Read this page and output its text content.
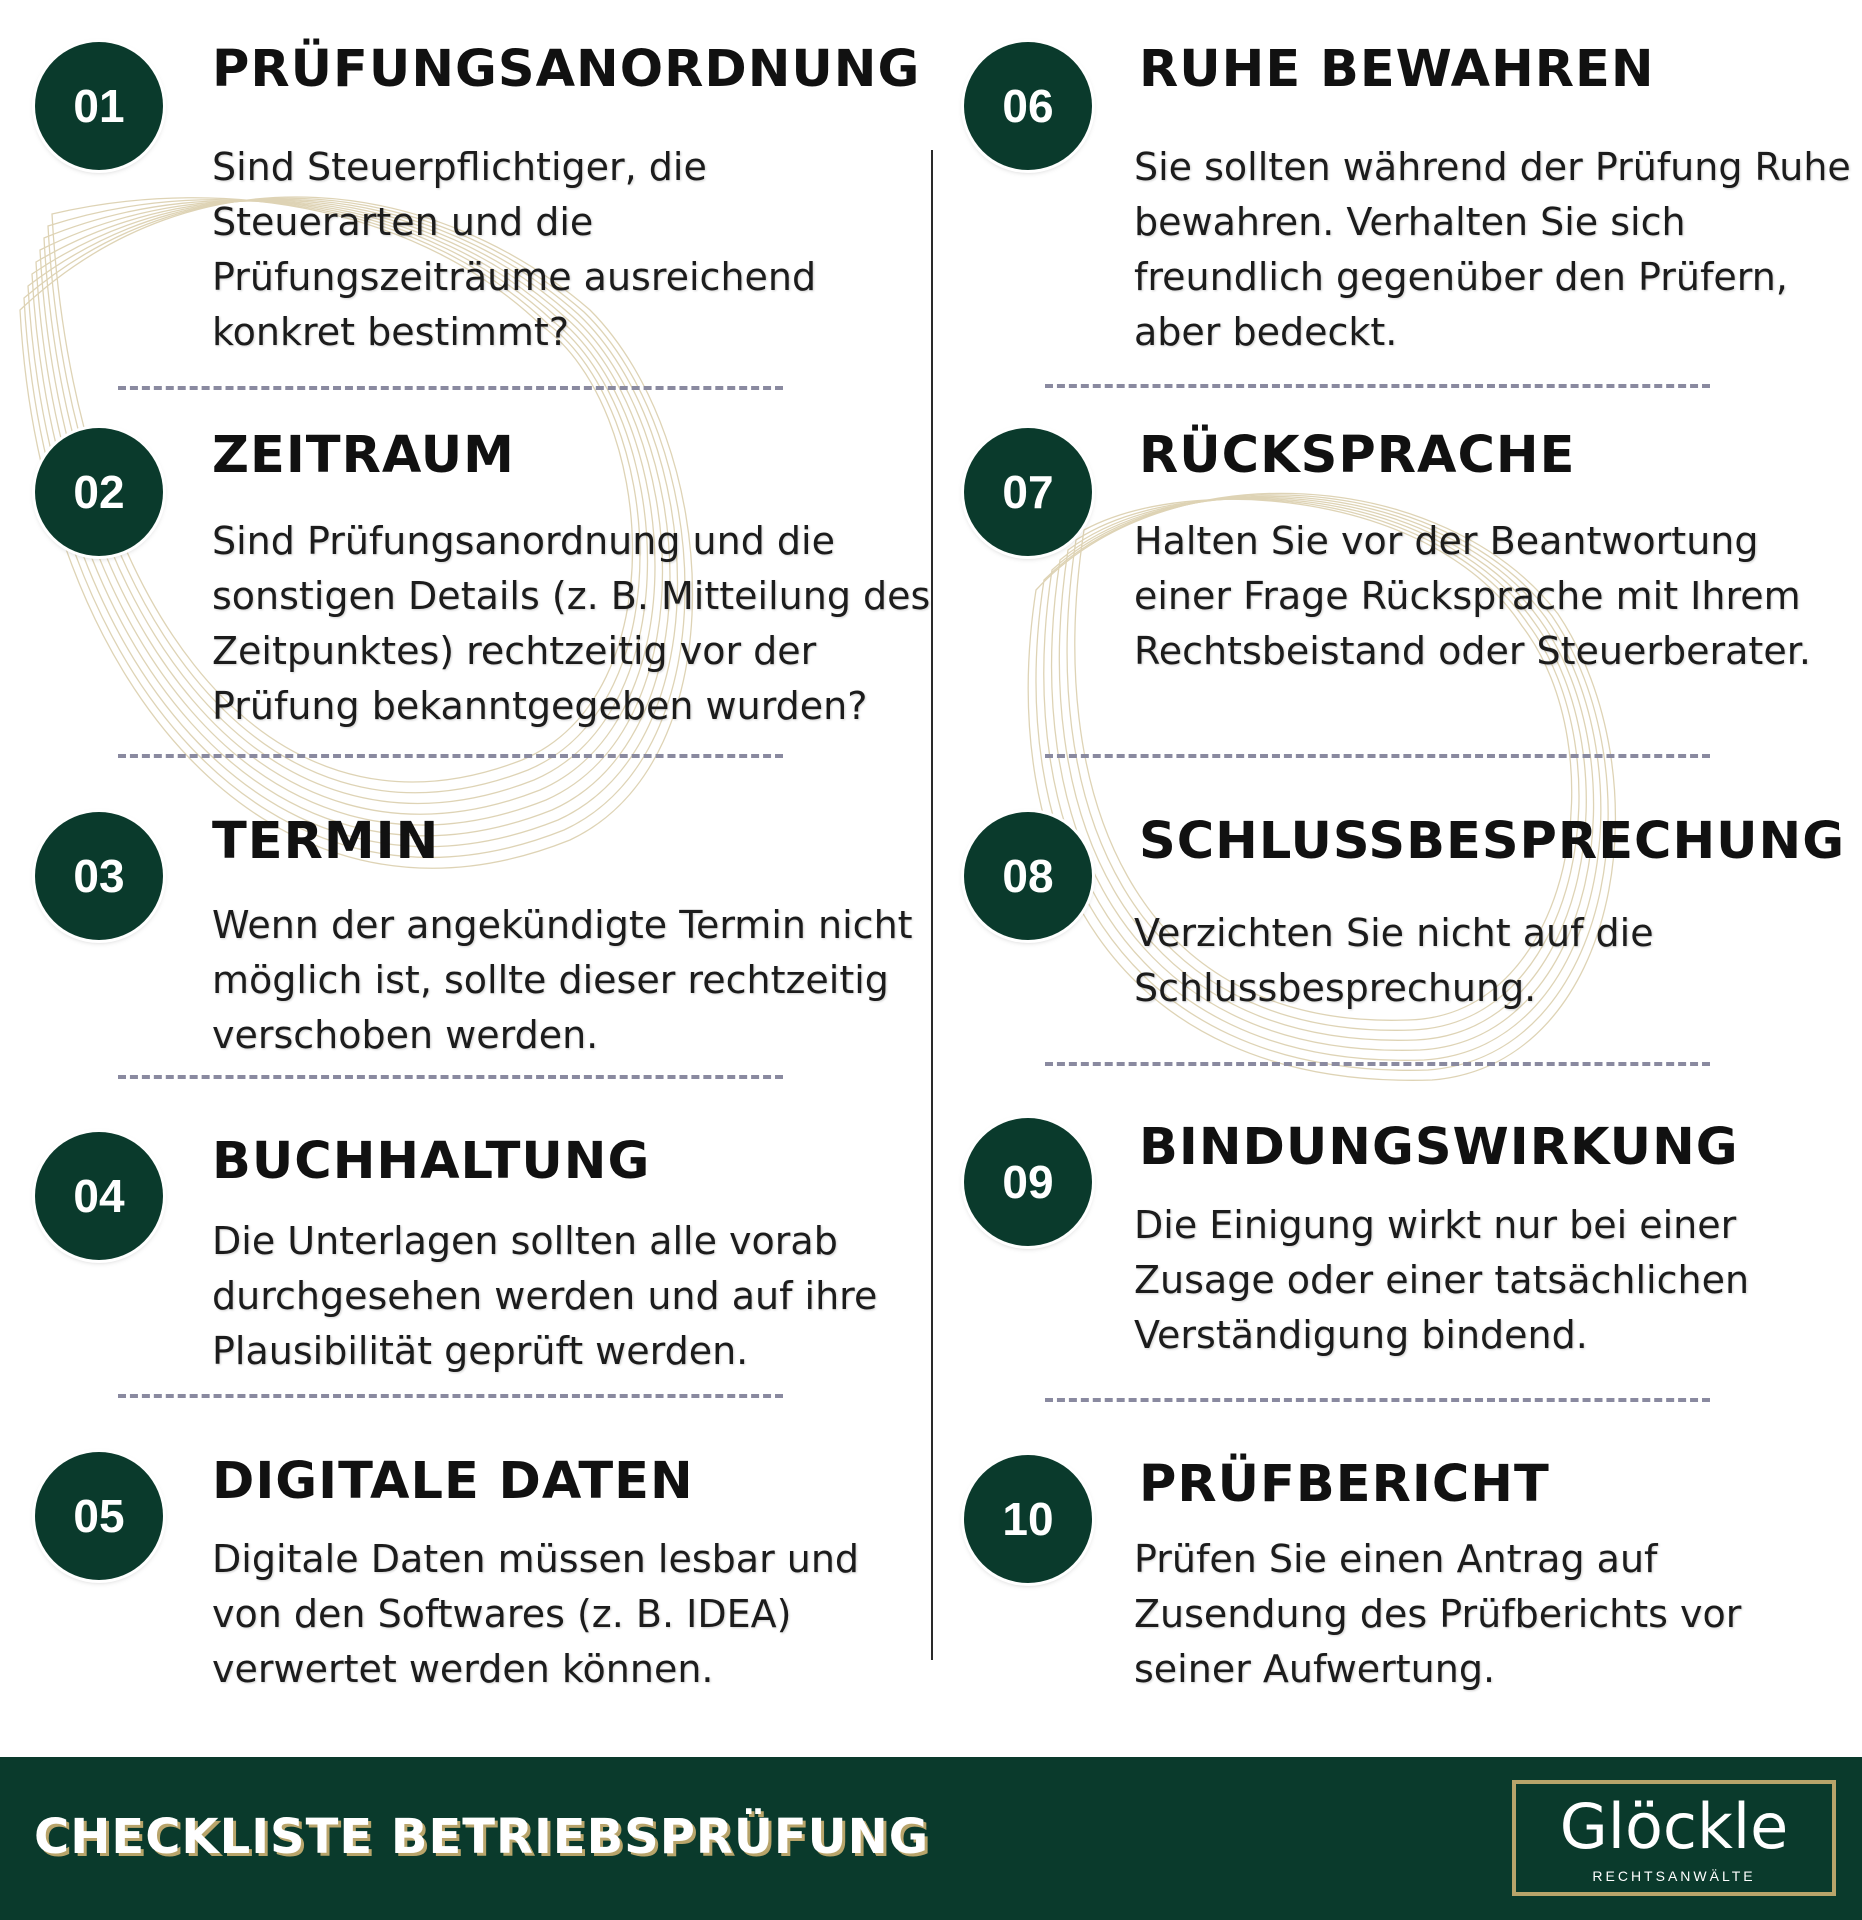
01
PRÜFUNGSANORDNUNG

Sind Steuerpflichtiger, die Steuerarten und die Prüfungszeiträume ausreichend konkret bestimmt?

02
ZEITRAUM

Sind Prüfungsanordnung und die sonstigen Details (z. B. Mitteilung des Zeitpunktes) rechtzeitig vor der Prüfung bekanntgegeben wurden?

03
TERMIN

Wenn der angekündigte Termin nicht möglich ist, sollte dieser rechtzeitig verschoben werden.

04
BUCHHALTUNG

Die Unterlagen sollten alle vorab durchgesehen werden und auf ihre Plausibilität geprüft werden.

05
DIGITALE DATEN

Digitale Daten müssen lesbar und von den Softwares (z. B. IDEA) verwertet werden können.

06
RUHE BEWAHREN

Sie sollten während der Prüfung Ruhe bewahren. Verhalten Sie sich freundlich gegenüber den Prüfern, aber bedeckt.

07
RÜCKSPRACHE

Halten Sie vor der Beantwortung einer Frage Rücksprache mit Ihrem Rechtsbeistand oder Steuerberater.

08
SCHLUSSBESPRECHUNG

Verzichten Sie nicht auf die Schlussbesprechung.

09
BINDUNGSWIRKUNG

Die Einigung wirkt nur bei einer Zusage oder einer tatsächlichen Verständigung bindend.

10
PRÜFBERICHT

Prüfen Sie einen Antrag auf Zusendung des Prüfberichts vor seiner Aufwertung.

CHECKLISTE BETRIEBSPRÜFUNG	Glöckle
RECHTSANWÄLTE
